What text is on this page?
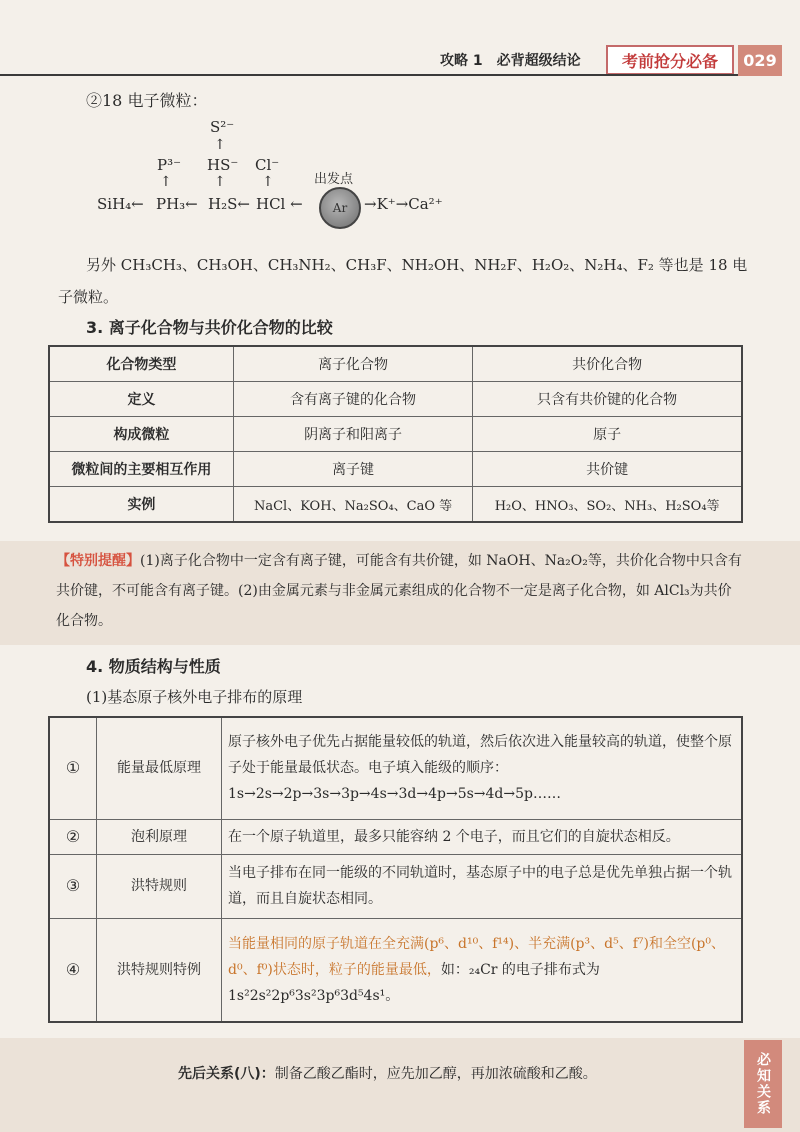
攻略 1　必背超级结论	考前抢分必备	029
②18 电子微粒：
S²⁻
↑
P³⁻ HS⁻ Cl⁻
↑	↑	↑
SiH₄← PH₃← H₂S← HCl ←
出发点
Ar	→K⁺→Ca²⁺
另外 CH₃CH₃、CH₃OH、CH₃NH₂、CH₃F、NH₂OH、NH₂F、H₂O₂、N₂H₄、F₂ 等也是 18 电
子微粒。
3. 离子化合物与共价化合物的比较
化合物类型	离子化合物	共价化合物
定义	含有离子键的化合物	只含有共价键的化合物
构成微粒	阴离子和阳离子	原子
微粒间的主要相互作用	离子键	共价键
实例	NaCl、KOH、Na₂SO₄、CaO 等	H₂O、HNO₃、SO₂、NH₃、H₂SO₄等
【特别提醒】(1)离子化合物中一定含有离子键，可能含有共价键，如 NaOH、Na₂O₂等，共价化合物中只含有共价键，不可能含有离子键。(2)由金属元素与非金属元素组成的化合物不一定是离子化合物，如 AlCl₃为共价化合物。
4. 物质结构与性质
(1)基态原子核外电子排布的原理
①	能量最低原理	原子核外电子优先占据能量较低的轨道，然后依次进入能量较高的轨道，使整个原子处于能量最低状态。电子填入能级的顺序：1s→2s→2p→3s→3p→4s→3d→4p→5s→4d→5p……
②	泡利原理	在一个原子轨道里，最多只能容纳 2 个电子，而且它们的自旋状态相反。
③	洪特规则	当电子排布在同一能级的不同轨道时，基态原子中的电子总是优先单独占据一个轨道，而且自旋状态相同。
④	洪特规则特例	当能量相同的原子轨道在全充满(p⁶、d¹⁰、f¹⁴)、半充满(p³、d⁵、f⁷)和全空(p⁰、d⁰、f⁰)状态时，粒子的能量最低，如：₂₄Cr 的电子排布式为1s²2s²2p⁶3s²3p⁶3d⁵4s¹。
先后关系(八)：制备乙酸乙酯时，应先加乙醇，再加浓硫酸和乙酸。	必知关系
